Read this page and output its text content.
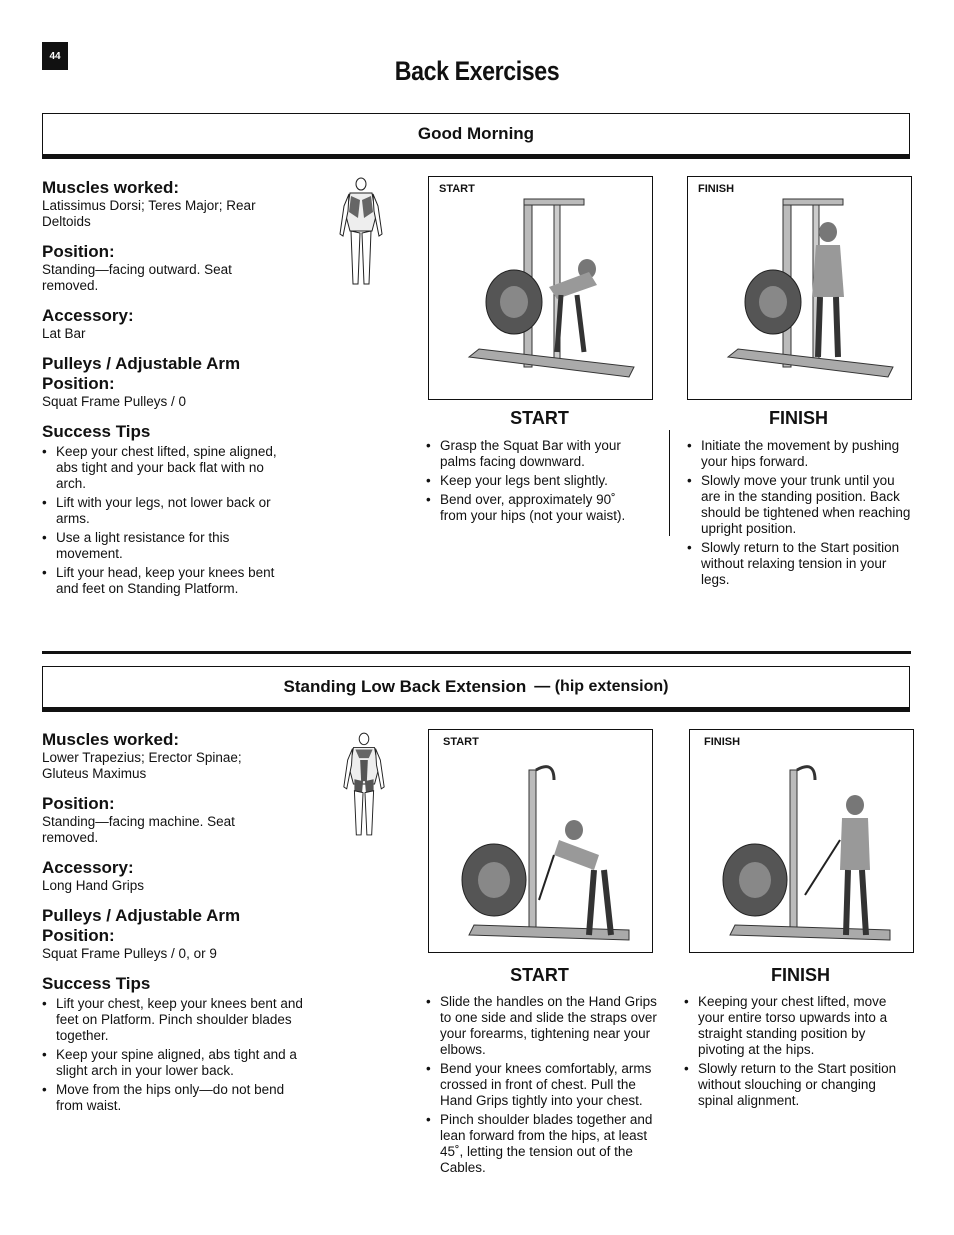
44	Back Exercises
Good Morning

Muscles worked:

Latissimus Dorsi; Teres Major; Rear Deltoids

Position:

Standing—facing outward. Seat removed.

Accessory:

Lat Bar

Pulleys / Adjustable Arm Position:

Squat Frame Pulleys / 0

Success Tips

• Keep your chest lifted, spine aligned, abs tight and your back flat with no arch.
• Lift with your legs, not lower back or arms.
• Use a light resistance for this movement.
• Lift your head, keep your knees bent and feet on Standing Platform.
START	FINISH
START	FINISH
• Grasp the Squat Bar with your palms facing downward.
• Keep your legs bent slightly.
• Bend over, approximately 90˚ from your hips (not your waist).
• Initiate the movement by pushing your hips forward.
• Slowly move your trunk until you are in the standing position. Back should be tightened when reaching upright position.
• Slowly return to the Start position without relaxing tension in your legs.
Standing Low Back Extension — (hip extension)

Muscles worked:

Lower Trapezius; Erector Spinae; Gluteus Maximus

Position:

Standing—facing machine. Seat removed.

Accessory:

Long Hand Grips

Pulleys / Adjustable Arm Position:

Squat Frame Pulleys / 0, or 9

Success Tips

• Lift your chest, keep your knees bent and feet on Platform. Pinch shoulder blades together.
• Keep your spine aligned, abs tight and a slight arch in your lower back.
• Move from the hips only—do not bend from waist.
START	FINISH
START	FINISH
• Slide the handles on the Hand Grips to one side and slide the straps over your forearms, tightening near your elbows.
• Bend your knees comfortably, arms crossed in front of chest. Pull the Hand Grips tightly into your chest.
• Pinch shoulder blades together and lean forward from the hips, at least 45˚, letting the tension out of the Cables.
• Keeping your chest lifted, move your entire torso upwards into a straight standing position by pivoting at the hips.
• Slowly return to the Start position without slouching or changing spinal alignment.
